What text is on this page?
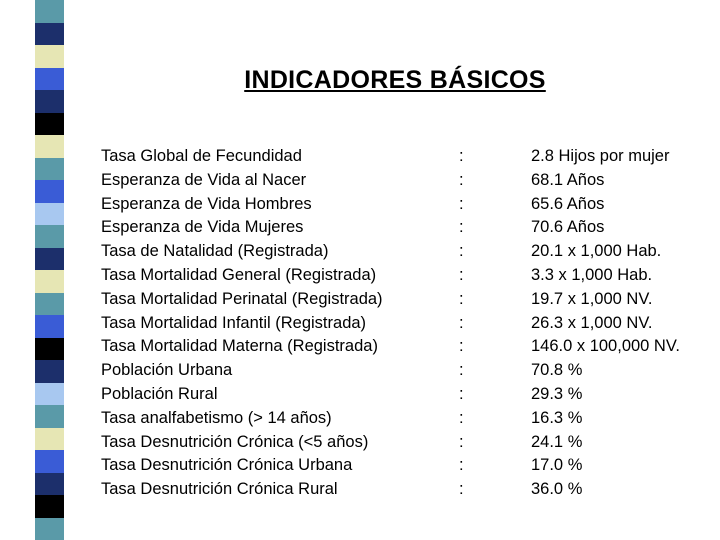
INDICADORES BÁSICOS
Tasa Global de Fecundidad	:	2.8 Hijos por mujer
Esperanza de Vida al Nacer	:	68.1 Años
Esperanza de Vida Hombres	:	65.6 Años
Esperanza de Vida Mujeres	:	70.6 Años
Tasa de Natalidad (Registrada)	:	20.1 x 1,000 Hab.
Tasa Mortalidad General (Registrada)	:	3.3 x 1,000 Hab.
Tasa Mortalidad Perinatal (Registrada)	:	19.7 x 1,000 NV.
Tasa Mortalidad Infantil (Registrada)	:	26.3 x 1,000 NV.
Tasa Mortalidad Materna (Registrada)	:	146.0 x 100,000 NV.
Población Urbana	:	70.8 %
Población Rural	:	29.3 %
Tasa analfabetismo (> 14 años)	:	16.3 %
Tasa Desnutrición Crónica (<5 años)	:	24.1 %
Tasa Desnutrición Crónica Urbana	:	17.0 %
Tasa Desnutrición Crónica Rural	:	36.0 %
